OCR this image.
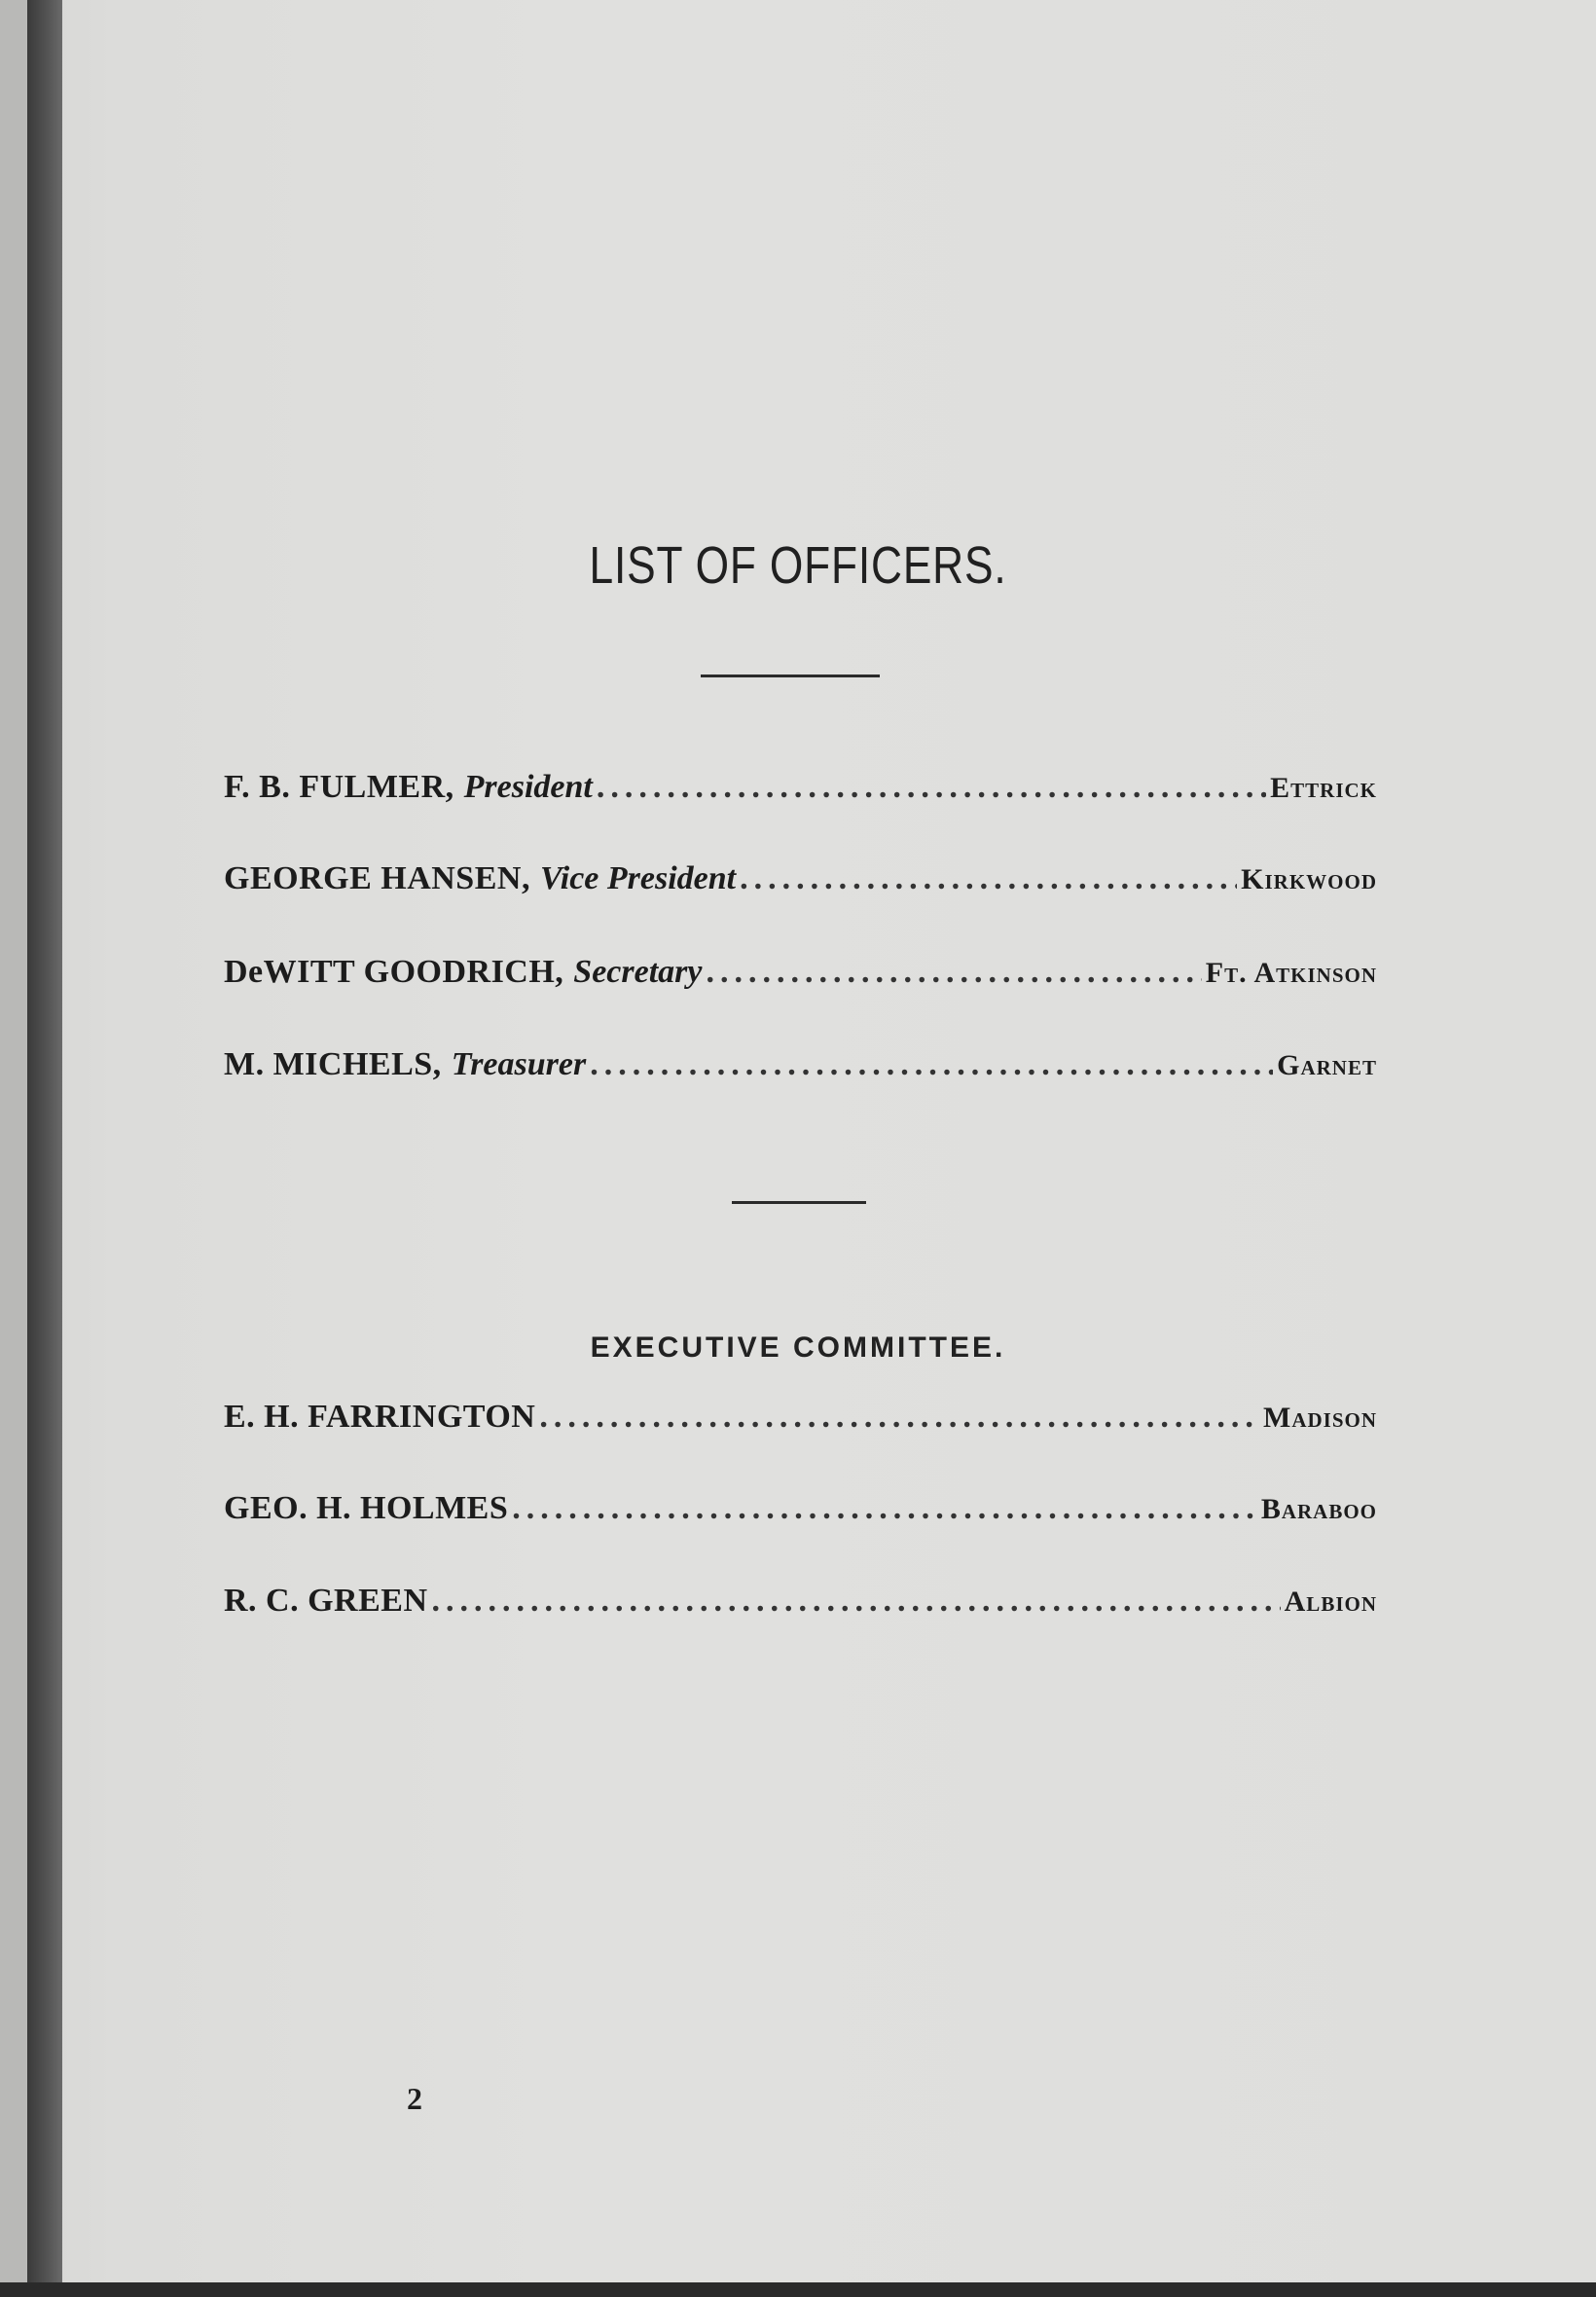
LIST OF OFFICERS.
F. B. FULMER, President .....	Ettrick
GEORGE HANSEN, Vice President .....	Kirkwood
DeWITT GOODRICH, Secretary .....	Ft. Atkinson
M. MICHELS, Treasurer .....	Garnet
EXECUTIVE COMMITTEE.
E. H. FARRINGTON .....	Madison
GEO. H. HOLMES .....	Baraboo
R. C. GREEN .....	Albion
2
